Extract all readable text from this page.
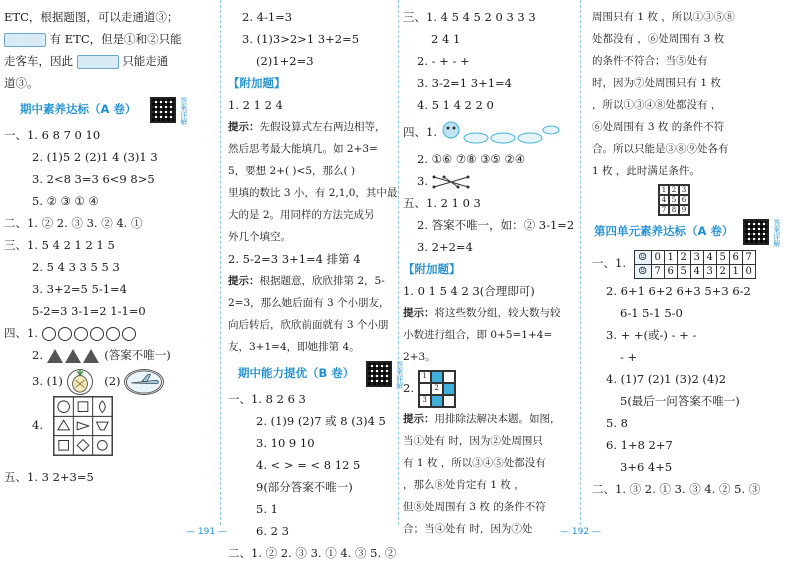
ETC，根据题图，可以走通道③；
有 ETC，但是①和②只能
走客车，因此	只能走通
道③。
期中素养达标（A 卷）	答案详解
一、1. 6 8 7 0 10
2. (1)5 2 (2)1 4 (3)1 3
3. 2<8 3=3 6<9 8>5
5. ② ③ ① ④
二、1. ② 2. ③ 3. ② 4. ①
三、1. 5 4 2 1 2 1 5
2. 5 4 3 3 5 5 3
3. 3+2=5 5-1=4
5-2=3 3-1=2 1-1=0
四、1.
2.	(答案不唯一)
3. (1)	(2)
4.
五、1. 3 2+3=5
2. 4-1=3
3. (1)3>2>1 3+2=5
(2)1+2=3
【附加题】
1. 2 1 2 4
提示：先假设算式左右两边相等，
然后思考最大能填几。如 2+3=
5，要想 2+( )<5，那么( )
里填的数比 3 小，有 2,1,0，其中最
大的是 2。用同样的方法完成另
外几个填空。
2. 5-2=3 3+1=4 排第 4
提示：根据题意，欣欣排第 2，5-
2=3，那么她后面有 3 个小朋友，
向后转后，欣欣前面就有 3 个小朋
友，3+1=4，即她排第 4。
期中能力提优（B 卷）	答案详解
一、1. 8 2 6 3
2. (1)9 (2)7 或 8 (3)4 5
3. 10 9 10
4. < > = < 8 12 5
9(部分答案不唯一)
5. 1
6. 2 3
二、1. ② 2. ③ 3. ① 4. ③ 5. ②
三、1. 4 5 4 5 2 0 3 3 3
2 4 1
2. - + - +
3. 3-2=1 3+1=4
4. 5 1 4 2 2 0
四、1.
2. ①⑥ ⑦⑧ ③⑤ ②④
3.
五、1. 2 1 0 3
2. 答案不唯一，如：② 3-1=2
3. 2+2=4
【附加题】
1. 0 1 5 4 2 3(合理即可)
提示：将这些数分组，较大数与较
小数进行组合，即 0+5=1+4=
2+3。
2.
1
2
3
提示：用排除法解决本题。如图，
当①处有 时，因为②处周围只
有 1 枚 ，所以③④⑤处都没有
，那么⑧处肯定有 1 枚 ，
但⑧处周围有 3 枚 的条件不符
合；当④处有 时，因为⑦处
周围只有 1 枚 ，所以①③⑤⑧
处都没有 ，⑥处周围有 3 枚
的条件不符合；当⑤处有
时，因为⑦处周围只有 1 枚
，所以①③④⑧处都没有 ，
⑥处周围有 3 枚 的条件不符
合。所以只能是③⑧⑨处各有
1 枚 ，此时满足条件。
1 2 3
4 5 6
7 8 9
第四单元素养达标（A 卷）	答案详解
一、1.	☺ 0 1 2 3 4 5 6 7
☺ 7 6 5 4 3 2 1 0
2. 6+1 6+2 6+3 5+3 6-2
6-1 5-1 5-0
3. + +(或-) - + -
- +
4. (1)7 (2)1 (3)2 (4)2
5(最后一问答案不唯一)
5. 8
6. 1+8 2+7
3+6 4+5
二、1. ③ 2. ① 3. ③ 4. ② 5. ③
— 191 —	— 192 —
